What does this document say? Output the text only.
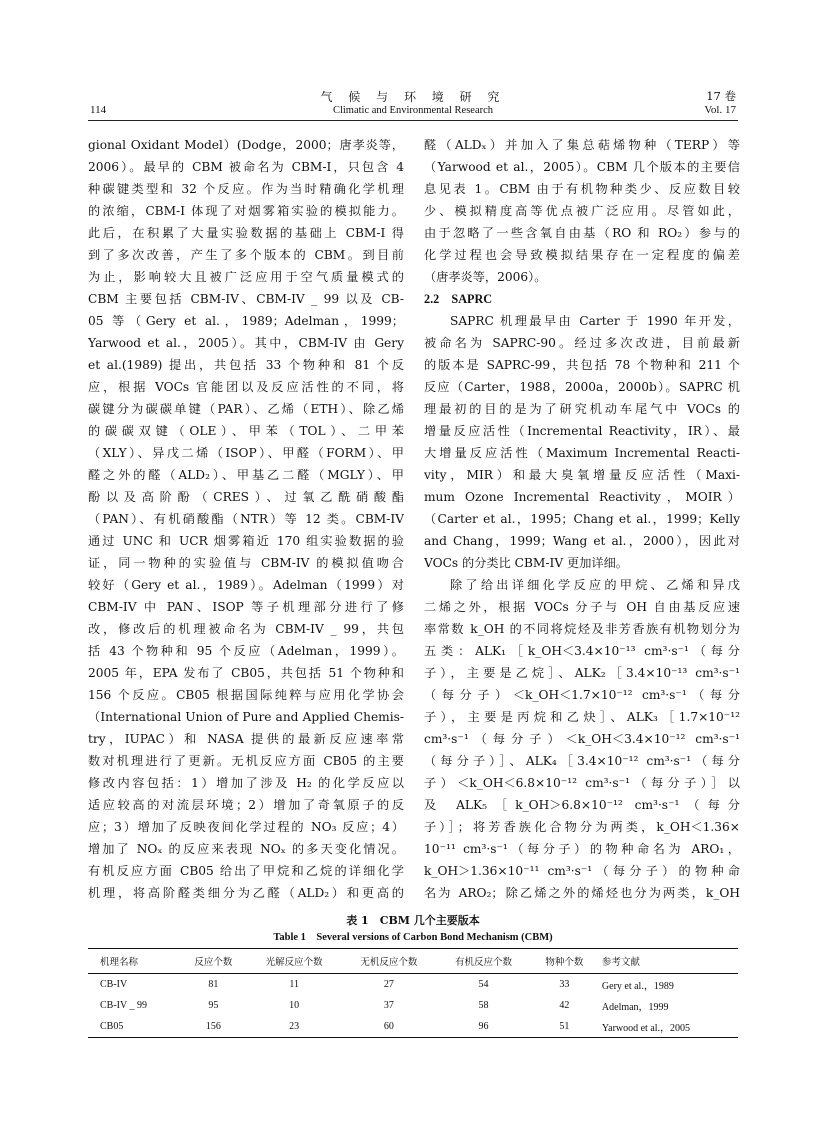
114
气 候 与 环 境 研 究
Climatic and Environmental Research
17 卷
Vol. 17
gional Oxidant Model）(Dodge，2000；唐孝炎等，
2006）。最早的 CBM 被命名为 CBM-I，只包含 4
种碳键类型和 32 个反应。作为当时精确化学机理
的浓缩，CBM-I 体现了对烟雾箱实验的模拟能力。
此后，在积累了大量实验数据的基础上 CBM-I 得
到了多次改善，产生了多个版本的 CBM。到目前
为止，影响较大且被广泛应用于空气质量模式的
CBM 主要包括 CBM-IV、CBM-IV _ 99 以及 CB-
05 等（Gery et al.，1989；Adelman，1999；
Yarwood et al.，2005）。其中，CBM-IV 由 Gery
et al.(1989) 提出，共包括 33 个物种和 81 个反
应，根据 VOCs 官能团以及反应活性的不同，将
碳键分为碳碳单键（PAR）、乙烯（ETH）、除乙烯
的碳碳双键（OLE）、甲苯（TOL）、二甲苯
（XLY）、异戊二烯（ISOP）、甲醛（FORM）、甲
醛之外的醛（ALD₂）、甲基乙二醛（MGLY）、甲
酚以及高阶酚（CRES）、过氧乙酰硝酸酯
（PAN）、有机硝酸酯（NTR）等 12 类。CBM-IV
通过 UNC 和 UCR 烟雾箱近 170 组实验数据的验
证，同一物种的实验值与 CBM-IV 的模拟值吻合
较好（Gery et al.，1989）。Adelman（1999）对
CBM-IV 中 PAN、ISOP 等子机理部分进行了修
改，修改后的机理被命名为 CBM-IV _ 99，共包
括 43 个物种和 95 个反应（Adelman，1999）。
2005 年，EPA 发布了 CB05，共包括 51 个物种和
156 个反应。CB05 根据国际纯粹与应用化学协会
（International Union of Pure and Applied Chemis-
try，IUPAC）和 NASA 提供的最新反应速率常
数对机理进行了更新。无机反应方面 CB05 的主要
修改内容包括：1）增加了涉及 H₂ 的化学反应以
适应较高的对流层环境；2）增加了奇氧原子的反
应；3）增加了反映夜间化学过程的 NO₃ 反应；4）
增加了 NOₓ 的反应来表现 NOₓ 的多天变化情况。
有机反应方面 CB05 给出了甲烷和乙烷的详细化学
机理，将高阶醛类细分为乙醛（ALD₂）和更高的
醛（ALDₓ）并加入了集总萜烯物种（TERP）等
（Yarwood et al.，2005）。CBM 几个版本的主要信
息见表 1。CBM 由于有机物种类少、反应数目较
少、模拟精度高等优点被广泛应用。尽管如此，
由于忽略了一些含氧自由基（RO 和 RO₂）参与的
化学过程也会导致模拟结果存在一定程度的偏差
（唐孝炎等，2006）。
2.2　SAPRC
SAPRC 机理最早由 Carter 于 1990 年开发，
被命名为 SAPRC-90。经过多次改进，目前最新
的版本是 SAPRC-99，共包括 78 个物种和 211 个
反应（Carter，1988，2000a，2000b）。SAPRC 机
理最初的目的是为了研究机动车尾气中 VOCs 的
增量反应活性（Incremental Reactivity，IR）、最
大增量反应活性（Maximum Incremental Reacti-
vity，MIR）和最大臭氧增量反应活性（Maxi-
mum Ozone Incremental Reactivity，MOIR）
（Carter et al.，1995；Chang et al.，1999；Kelly
and Chang，1999；Wang et al.，2000），因此对
VOCs 的分类比 CBM-IV 更加详细。
除了给出详细化学反应的甲烷、乙烯和异戊
二烯之外，根据 VOCs 分子与 OH 自由基反应速
率常数 k_OH 的不同将烷烃及非芳香族有机物划分为
五类：ALK₁［k_OH＜3.4×10⁻¹³ cm³·s⁻¹（每分
子），主要是乙烷］、ALK₂［3.4×10⁻¹³ cm³·s⁻¹
（每分子）＜k_OH＜1.7×10⁻¹² cm³·s⁻¹（每分
子），主要是丙烷和乙炔］、ALK₃［1.7×10⁻¹²
cm³·s⁻¹（每分子）＜k_OH＜3.4×10⁻¹² cm³·s⁻¹
（每分子）］、ALK₄［3.4×10⁻¹² cm³·s⁻¹（每分
子）＜k_OH＜6.8×10⁻¹² cm³·s⁻¹（每分子）］以
及 ALK₅［k_OH＞6.8×10⁻¹² cm³·s⁻¹（每分
子）］；将芳香族化合物分为两类，k_OH＜1.36×
10⁻¹¹ cm³·s⁻¹（每分子）的物种命名为 ARO₁，
k_OH＞1.36×10⁻¹¹ cm³·s⁻¹（每分子）的物种命
名为 ARO₂；除乙烯之外的烯烃也分为两类，k_OH
表 1　CBM 几个主要版本
Table 1　Several versions of Carbon Bond Mechanism (CBM)
机理名称	反应个数	光解反应个数	无机反应个数	有机反应个数	物种个数	参考文献
CB-IV	81	11	27	54	33	Gery et al.，1989
CB-IV _ 99	95	10	37	58	42	Adelman，1999
CB05	156	23	60	96	51	Yarwood et al.，2005
